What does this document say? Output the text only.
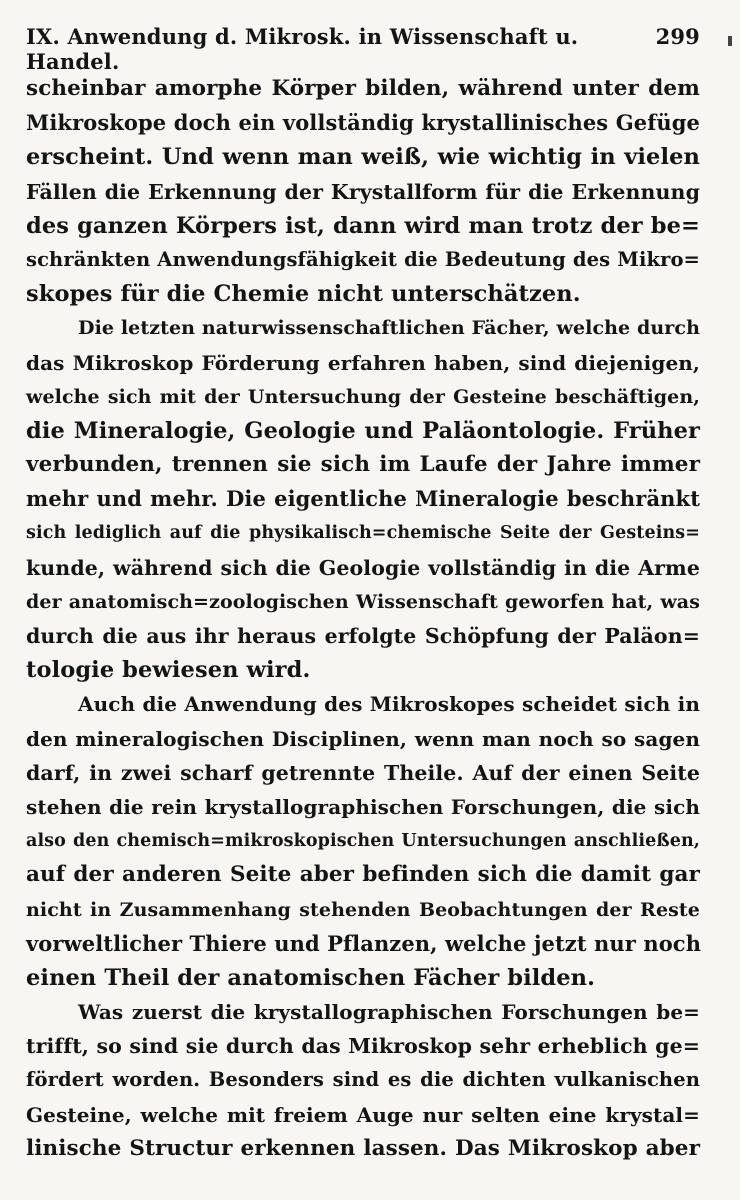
IX. Anwendung d. Mikrosk. in Wissenschaft u. Handel.
299
scheinbar amorphe Körper bilden, während unter dem
Mikroskope doch ein vollständig krystallinisches Gefüge
erscheint. Und wenn man weiß, wie wichtig in vielen
Fällen die Erkennung der Krystallform für die Erkennung
des ganzen Körpers ist, dann wird man trotz der be=
schränkten Anwendungsfähigkeit die Bedeutung des Mikro=
skopes für die Chemie nicht unterschätzen.
Die letzten naturwissenschaftlichen Fächer, welche durch
das Mikroskop Förderung erfahren haben, sind diejenigen,
welche sich mit der Untersuchung der Gesteine beschäftigen,
die Mineralogie, Geologie und Paläontologie. Früher
verbunden, trennen sie sich im Laufe der Jahre immer
mehr und mehr. Die eigentliche Mineralogie beschränkt
sich lediglich auf die physikalisch=chemische Seite der Gesteins=
kunde, während sich die Geologie vollständig in die Arme
der anatomisch=zoologischen Wissenschaft geworfen hat, was
durch die aus ihr heraus erfolgte Schöpfung der Paläon=
tologie bewiesen wird.
Auch die Anwendung des Mikroskopes scheidet sich in
den mineralogischen Disciplinen, wenn man noch so sagen
darf, in zwei scharf getrennte Theile. Auf der einen Seite
stehen die rein krystallographischen Forschungen, die sich
also den chemisch=mikroskopischen Untersuchungen anschließen,
auf der anderen Seite aber befinden sich die damit gar
nicht in Zusammenhang stehenden Beobachtungen der Reste
vorweltlicher Thiere und Pflanzen, welche jetzt nur noch
einen Theil der anatomischen Fächer bilden.
Was zuerst die krystallographischen Forschungen be=
trifft, so sind sie durch das Mikroskop sehr erheblich ge=
fördert worden. Besonders sind es die dichten vulkanischen
Gesteine, welche mit freiem Auge nur selten eine krystal=
linische Structur erkennen lassen. Das Mikroskop aber
